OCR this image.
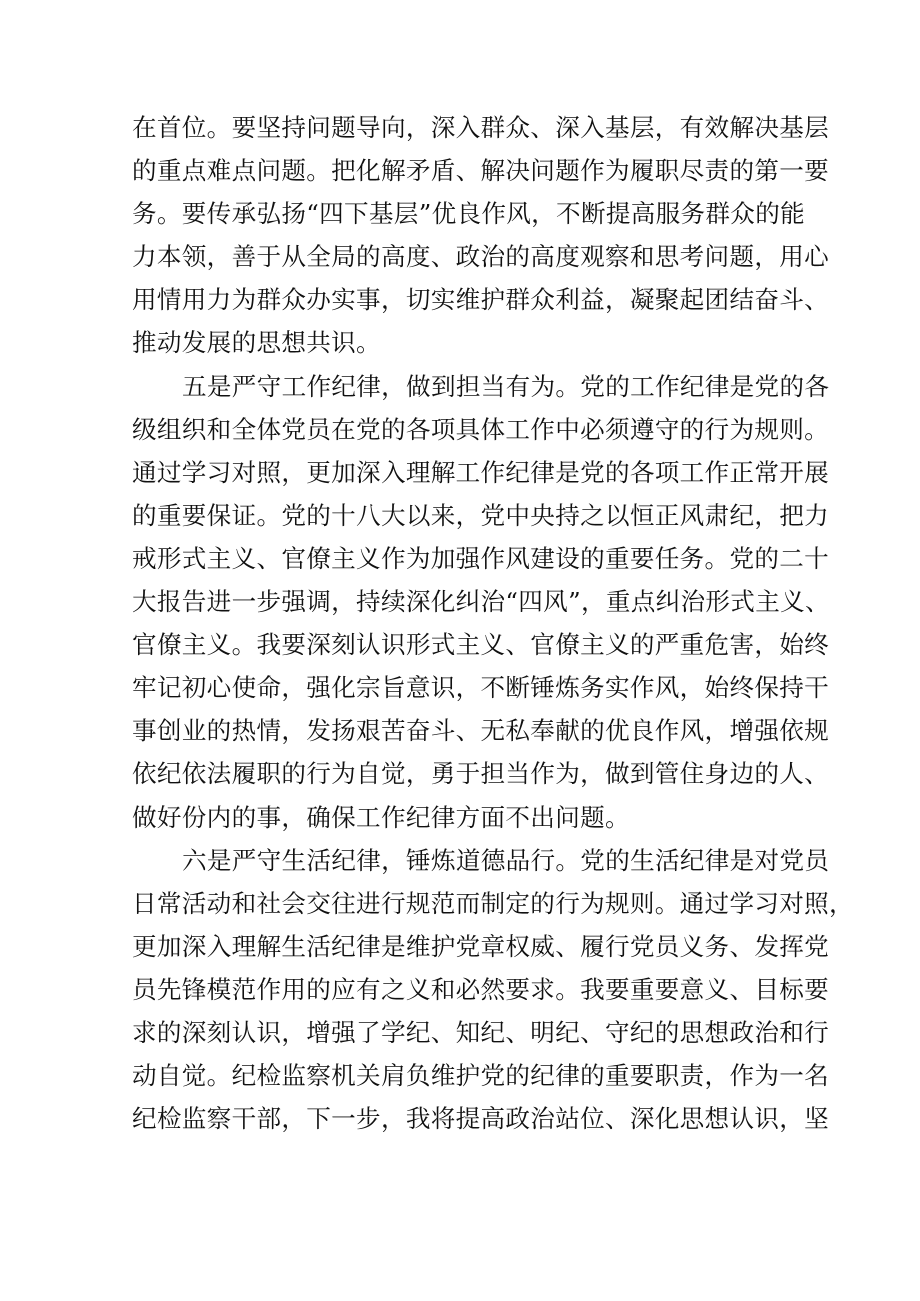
在首位。要坚持问题导向，深入群众、深入基层，有效解决基层
的重点难点问题。把化解矛盾、解决问题作为履职尽责的第一要
务。要传承弘扬“四下基层”优良作风，不断提高服务群众的能
力本领，善于从全局的高度、政治的高度观察和思考问题，用心
用情用力为群众办实事，切实维护群众利益，凝聚起团结奋斗、
推动发展的思想共识。
五是严守工作纪律，做到担当有为。党的工作纪律是党的各
级组织和全体党员在党的各项具体工作中必须遵守的行为规则。
通过学习对照，更加深入理解工作纪律是党的各项工作正常开展
的重要保证。党的十八大以来，党中央持之以恒正风肃纪，把力
戒形式主义、官僚主义作为加强作风建设的重要任务。党的二十
大报告进一步强调，持续深化纠治“四风”，重点纠治形式主义、
官僚主义。我要深刻认识形式主义、官僚主义的严重危害，始终
牢记初心使命，强化宗旨意识，不断锤炼务实作风，始终保持干
事创业的热情，发扬艰苦奋斗、无私奉献的优良作风，增强依规
依纪依法履职的行为自觉，勇于担当作为，做到管住身边的人、
做好份内的事，确保工作纪律方面不出问题。
六是严守生活纪律，锤炼道德品行。党的生活纪律是对党员
日常活动和社会交往进行规范而制定的行为规则。通过学习对照，
更加深入理解生活纪律是维护党章权威、履行党员义务、发挥党
员先锋模范作用的应有之义和必然要求。我要重要意义、目标要
求的深刻认识，增强了学纪、知纪、明纪、守纪的思想政治和行
动自觉。纪检监察机关肩负维护党的纪律的重要职责，作为一名
纪检监察干部，下一步，我将提高政治站位、深化思想认识，坚
